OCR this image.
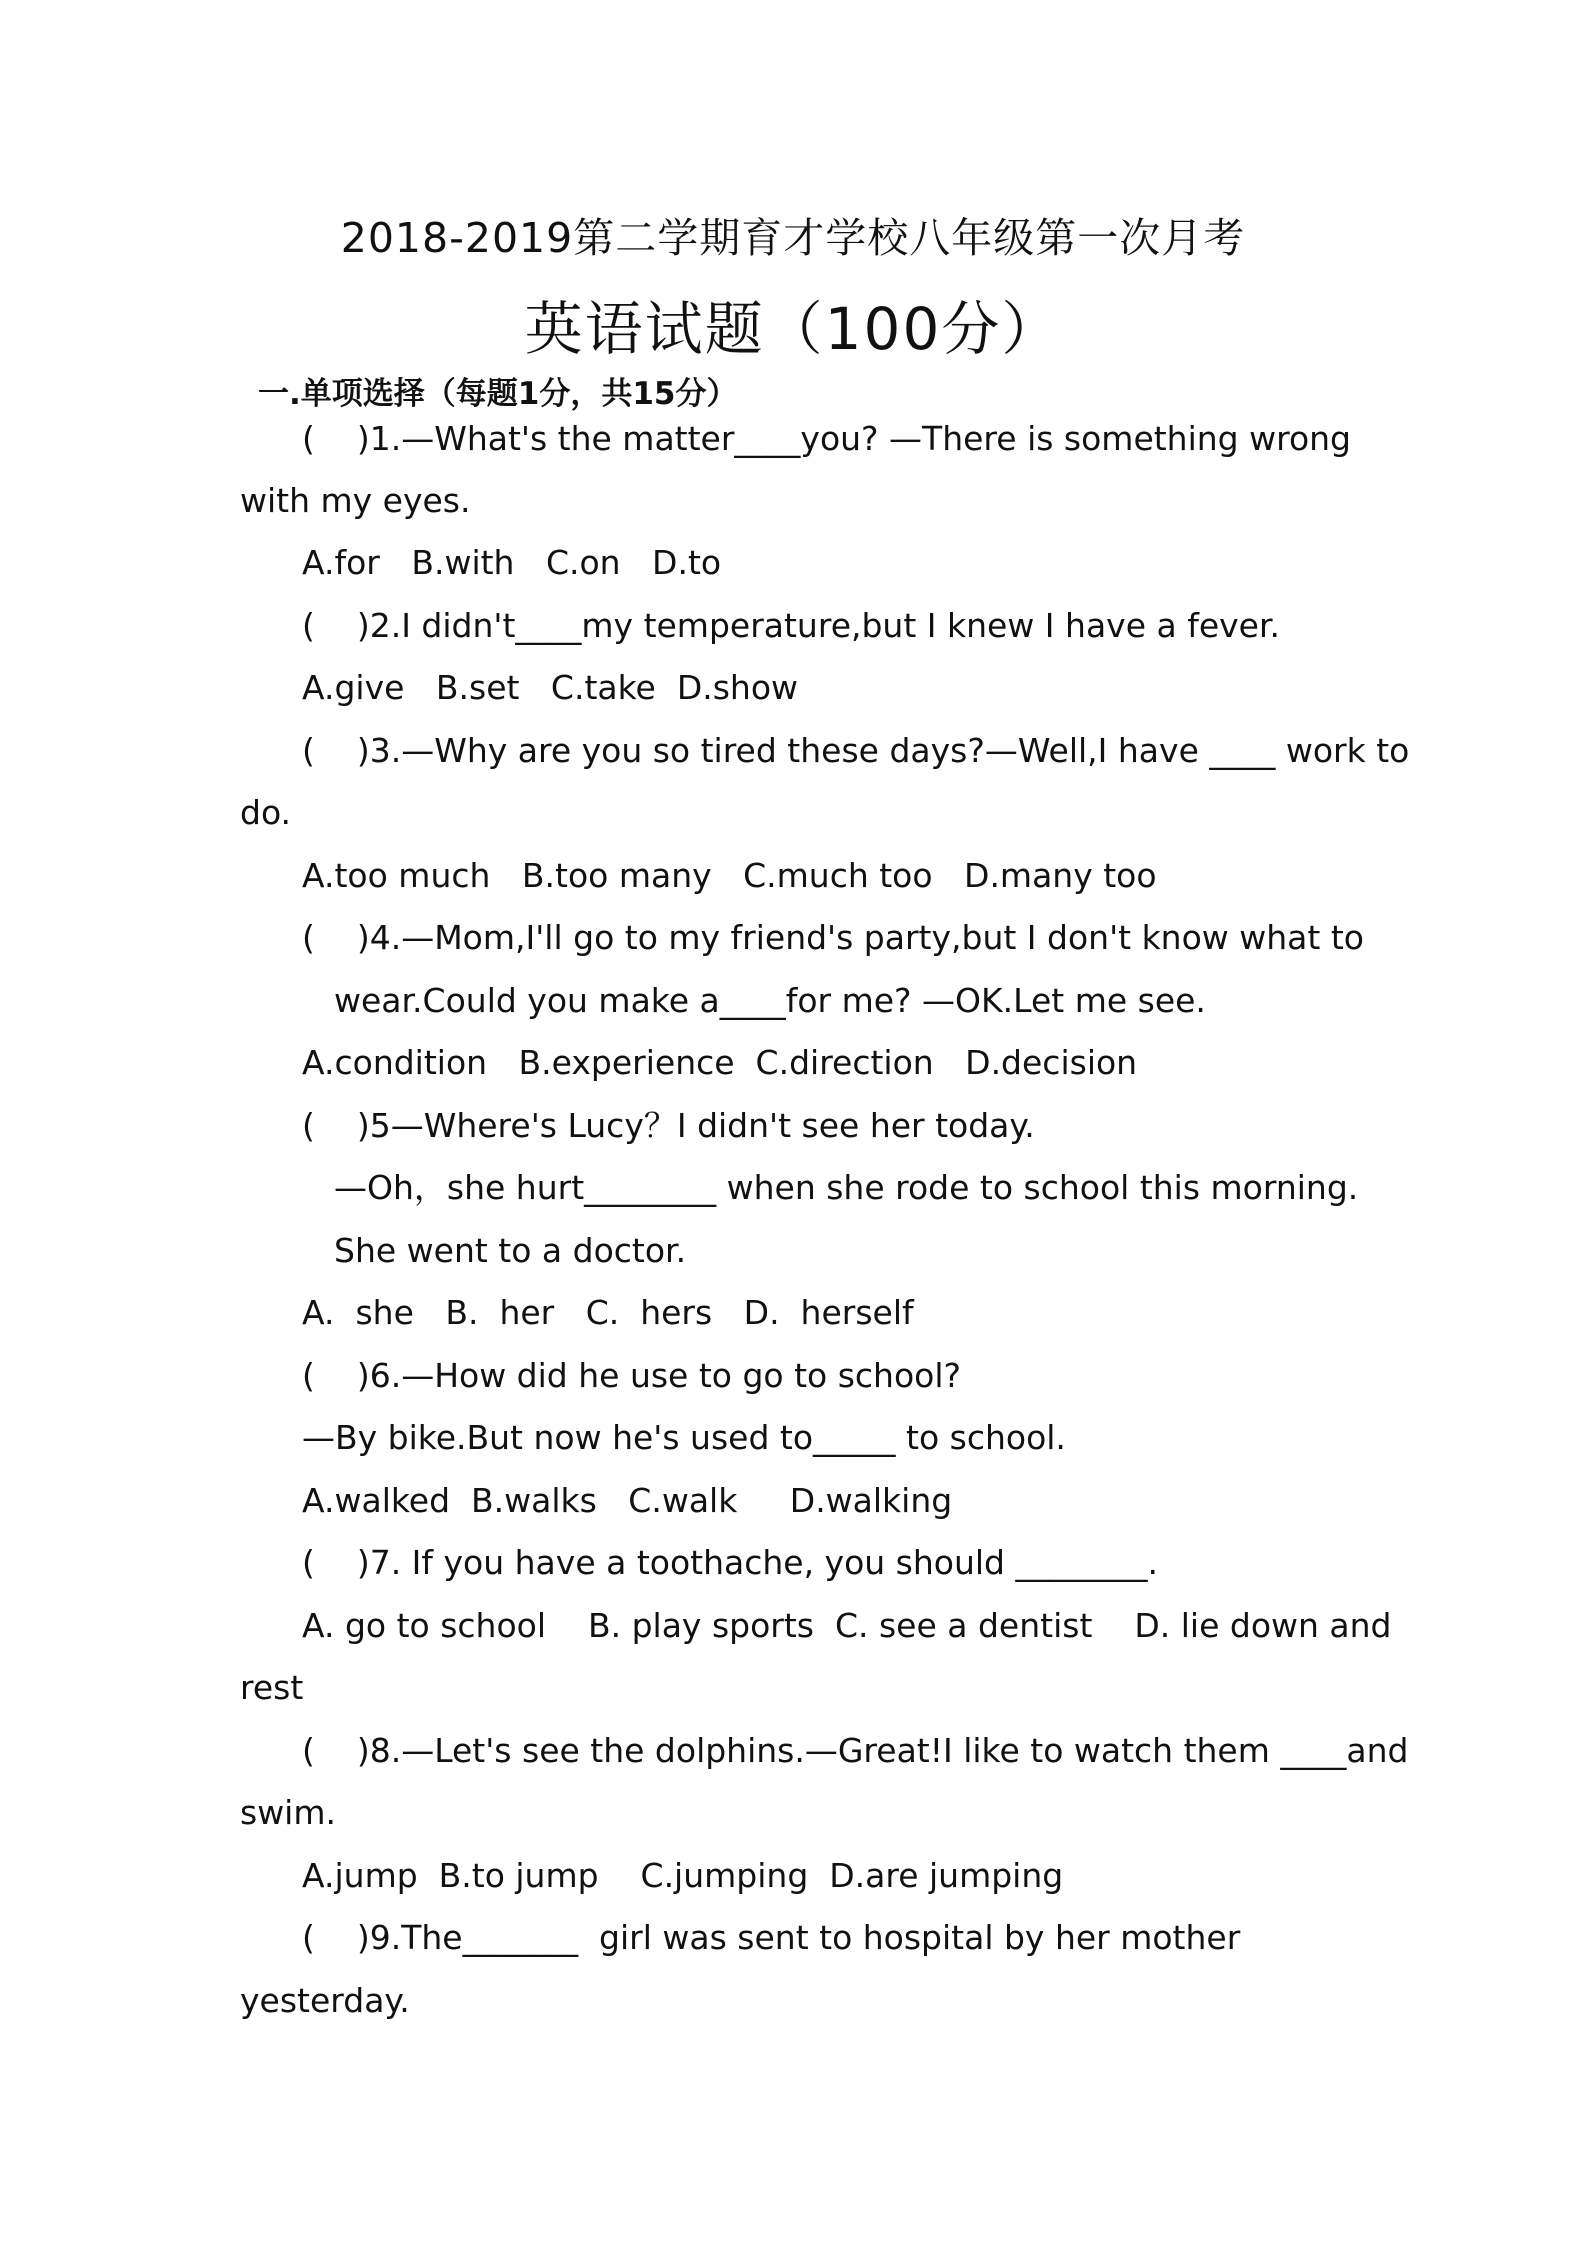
2018-2019第二学期育才学校八年级第一次月考
英语试题（100分）
一.单项选择（每题1分，共15分）
(    )1.—What's the matter____you? —There is something wrong
with my eyes.
A.for   B.with   C.on   D.to
(    )2.I didn't____my temperature,but I knew I have a fever.
A.give   B.set   C.take  D.show
(    )3.—Why are you so tired these days?—Well,I have ____ work to
do.
A.too much   B.too many   C.much too   D.many too
(    )4.—Mom,I'll go to my friend's party,but I don't know what to
wear.Could you make a____for me? —OK.Let me see.
A.condition   B.experience  C.direction   D.decision
(    )5—Where's Lucy？I didn't see her today.
—Oh，she hurt________ when she rode to school this morning.
She went to a doctor.
A.  she   B.  her   C.  hers   D.  herself
(    )6.—How did he use to go to school?
—By bike.But now he's used to_____ to school.
A.walked  B.walks   C.walk     D.walking
(    )7. If you have a toothache, you should ________.
A. go to school    B. play sports  C. see a dentist    D. lie down and
rest
(    )8.—Let's see the dolphins.—Great!I like to watch them ____and
swim.
A.jump  B.to jump    C.jumping  D.are jumping
(    )9.The_______  girl was sent to hospital by her mother
yesterday.
